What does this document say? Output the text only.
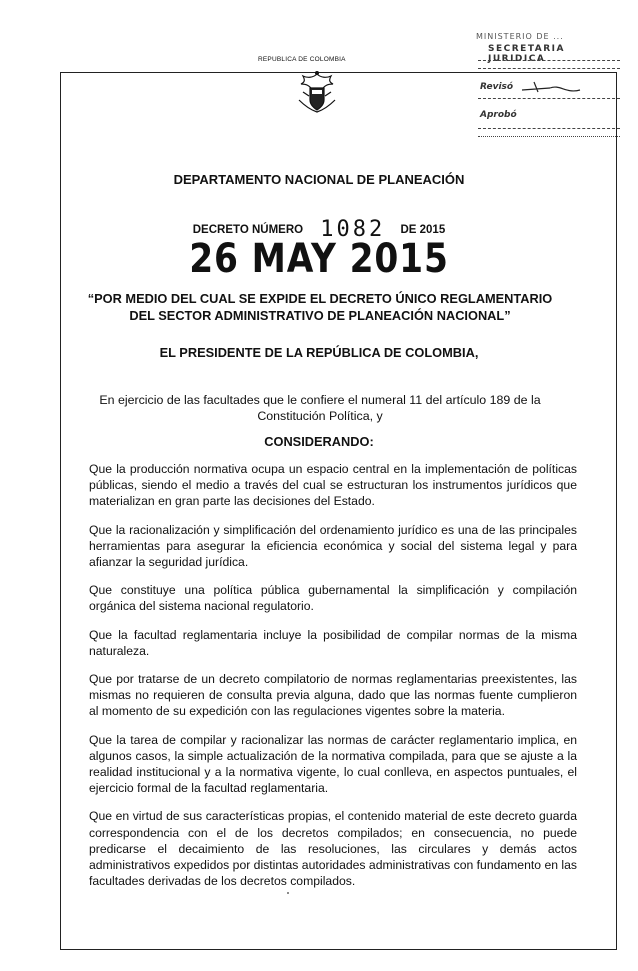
REPUBLICA DE COLOMBIA
MINISTERIO DE ...
SECRETARIA JURIDICA
Revisó
Aprobó
DEPARTAMENTO NACIONAL DE PLANEACIÓN
DECRETO NÚMERO 1082 DE 2015
26 MAY 2015
“POR MEDIO DEL CUAL SE EXPIDE EL DECRETO ÚNICO REGLAMENTARIO DEL SECTOR ADMINISTRATIVO DE PLANEACIÓN NACIONAL”
EL PRESIDENTE DE LA REPÚBLICA DE COLOMBIA,
En ejercicio de las facultades que le confiere el numeral 11 del artículo 189 de la Constitución Política, y
CONSIDERANDO:

Que la producción normativa ocupa un espacio central en la implementación de políticas públicas, siendo el medio a través del cual se estructuran los instrumentos jurídicos que materializan en gran parte las decisiones del Estado.

Que la racionalización y simplificación del ordenamiento jurídico es una de las principales herramientas para asegurar la eficiencia económica y social del sistema legal y para afianzar la seguridad jurídica.

Que constituye una política pública gubernamental la simplificación y compilación orgánica del sistema nacional regulatorio.

Que la facultad reglamentaria incluye la posibilidad de compilar normas de la misma naturaleza.

Que por tratarse de un decreto compilatorio de normas reglamentarias preexistentes, las mismas no requieren de consulta previa alguna, dado que las normas fuente cumplieron al momento de su expedición con las regulaciones vigentes sobre la materia.

Que la tarea de compilar y racionalizar las normas de carácter reglamentario implica, en algunos casos, la simple actualización de la normativa compilada, para que se ajuste a la realidad institucional y a la normativa vigente, lo cual conlleva, en aspectos puntuales, el ejercicio formal de la facultad reglamentaria.

Que en virtud de sus características propias, el contenido material de este decreto guarda correspondencia con el de los decretos compilados; en consecuencia, no puede predicarse el decaimiento de las resoluciones, las circulares y demás actos administrativos expedidos por distintas autoridades administrativas con fundamento en las facultades derivadas de los decretos compilados.
